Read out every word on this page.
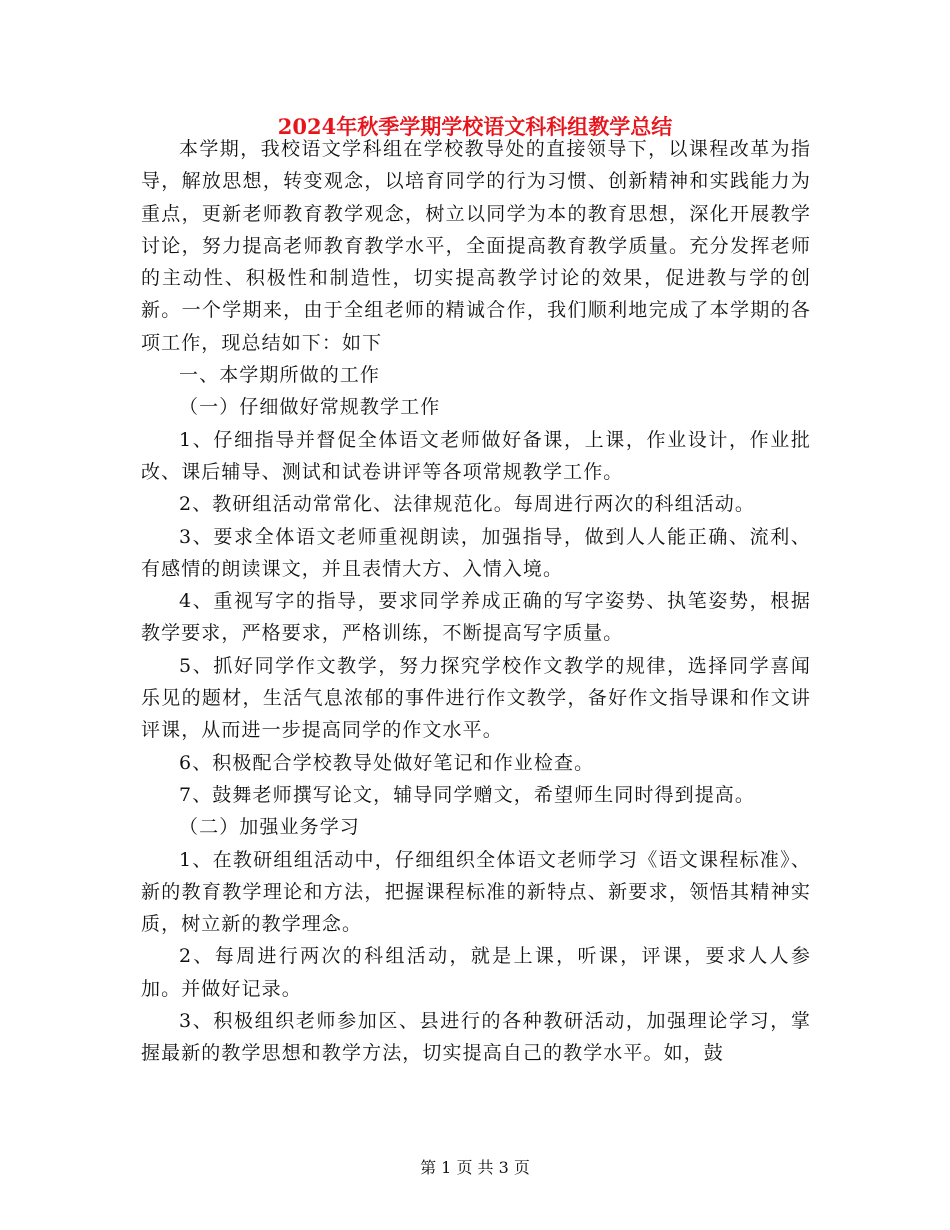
2024年秋季学期学校语文科科组教学总结

本学期，我校语文学科组在学校教导处的直接领导下，以课程改革为指导，解放思想，转变观念，以培育同学的行为习惯、创新精神和实践能力为重点，更新老师教育教学观念，树立以同学为本的教育思想，深化开展教学讨论，努力提高老师教育教学水平，全面提高教育教学质量。充分发挥老师的主动性、积极性和制造性，切实提高教学讨论的效果，促进教与学的创新。一个学期来，由于全组老师的精诚合作，我们顺利地完成了本学期的各项工作，现总结如下：如下

一、本学期所做的工作

（一）仔细做好常规教学工作

1、仔细指导并督促全体语文老师做好备课，上课，作业设计，作业批改、课后辅导、测试和试卷讲评等各项常规教学工作。

2、教研组活动常常化、法律规范化。每周进行两次的科组活动。

3、要求全体语文老师重视朗读，加强指导，做到人人能正确、流利、有感情的朗读课文，并且表情大方、入情入境。

4、重视写字的指导，要求同学养成正确的写字姿势、执笔姿势，根据教学要求，严格要求，严格训练，不断提高写字质量。

5、抓好同学作文教学，努力探究学校作文教学的规律，选择同学喜闻乐见的题材，生活气息浓郁的事件进行作文教学，备好作文指导课和作文讲评课，从而进一步提高同学的作文水平。

6、积极配合学校教导处做好笔记和作业检查。

7、鼓舞老师撰写论文，辅导同学赠文，希望师生同时得到提高。

（二）加强业务学习

1、在教研组组活动中，仔细组织全体语文老师学习《语文课程标准》、新的教育教学理论和方法，把握课程标准的新特点、新要求，领悟其精神实质，树立新的教学理念。

2、每周进行两次的科组活动，就是上课，听课，评课，要求人人参加。并做好记录。

3、积极组织老师参加区、县进行的各种教研活动，加强理论学习，掌握最新的教学思想和教学方法，切实提高自己的教学水平。如，鼓

第 1 页 共 3 页
